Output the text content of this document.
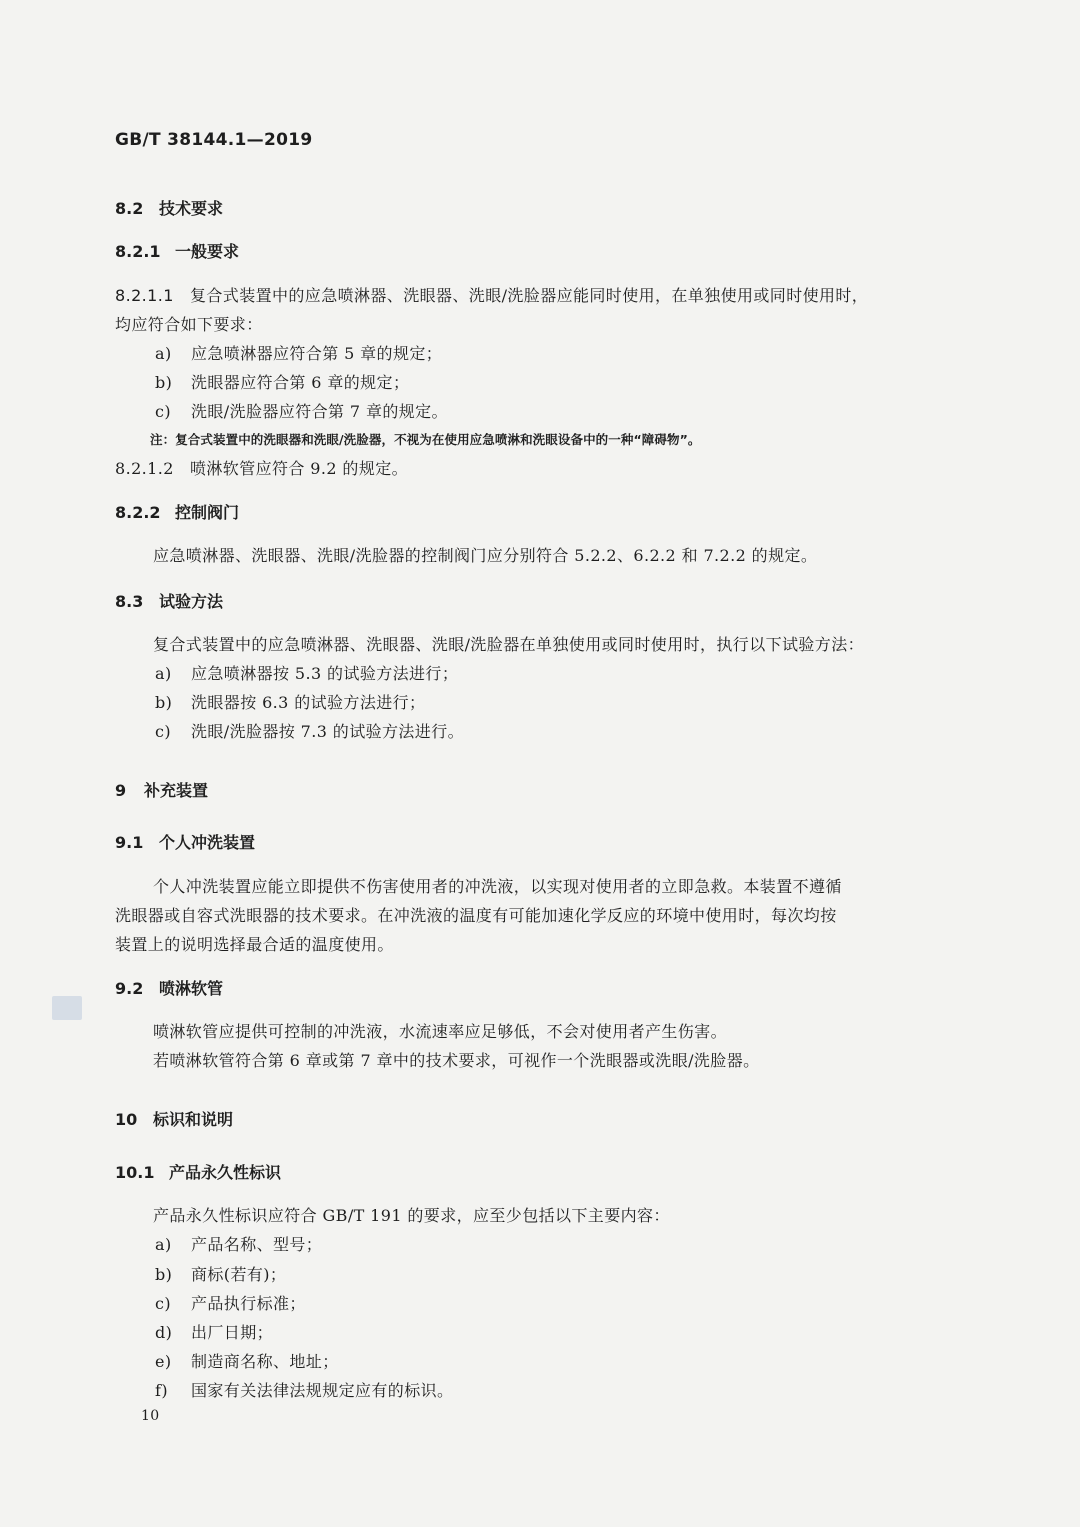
GB/T 38144.1—2019
8.2 技术要求
8.2.1 一般要求
8.2.1.1 复合式装置中的应急喷淋器、洗眼器、洗眼/洗脸器应能同时使用，在单独使用或同时使用时，
均应符合如下要求：
a) 应急喷淋器应符合第 5 章的规定；
b) 洗眼器应符合第 6 章的规定；
c) 洗眼/洗脸器应符合第 7 章的规定。
注：复合式装置中的洗眼器和洗眼/洗脸器，不视为在使用应急喷淋和洗眼设备中的一种“障碍物”。
8.2.1.2 喷淋软管应符合 9.2 的规定。
8.2.2 控制阀门
应急喷淋器、洗眼器、洗眼/洗脸器的控制阀门应分别符合 5.2.2、6.2.2 和 7.2.2 的规定。
8.3 试验方法
复合式装置中的应急喷淋器、洗眼器、洗眼/洗脸器在单独使用或同时使用时，执行以下试验方法：
a) 应急喷淋器按 5.3 的试验方法进行；
b) 洗眼器按 6.3 的试验方法进行；
c) 洗眼/洗脸器按 7.3 的试验方法进行。
9 补充装置
9.1 个人冲洗装置
个人冲洗装置应能立即提供不伤害使用者的冲洗液，以实现对使用者的立即急救。本装置不遵循
洗眼器或自容式洗眼器的技术要求。在冲洗液的温度有可能加速化学反应的环境中使用时，每次均按
装置上的说明选择最合适的温度使用。
9.2 喷淋软管
喷淋软管应提供可控制的冲洗液，水流速率应足够低，不会对使用者产生伤害。
若喷淋软管符合第 6 章或第 7 章中的技术要求，可视作一个洗眼器或洗眼/洗脸器。
10 标识和说明
10.1 产品永久性标识
产品永久性标识应符合 GB/T 191 的要求，应至少包括以下主要内容：
a) 产品名称、型号；
b) 商标(若有)；
c) 产品执行标准；
d) 出厂日期；
e) 制造商名称、地址；
f) 国家有关法律法规规定应有的标识。
10
